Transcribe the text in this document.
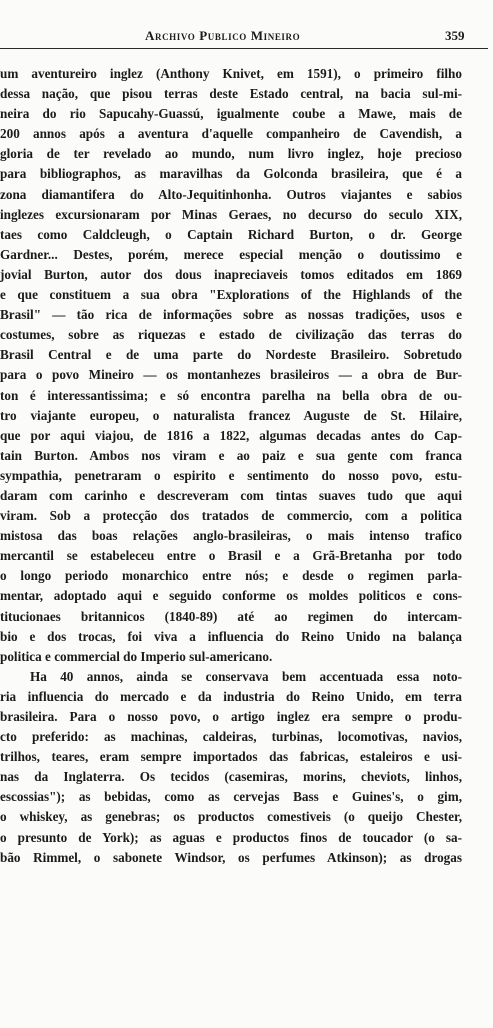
Archivo Publico Mineiro	359
um aventureiro inglez (Anthony Knivet, em 1591), o primeiro filho
dessa nação, que pisou terras deste Estado central, na bacia sul-mi-
neira do rio Sapucahy-Guassú, igualmente coube a Mawe, mais de
200 annos após a aventura d'aquelle companheiro de Cavendish, a
gloria de ter revelado ao mundo, num livro inglez, hoje precioso
para bibliographos, as maravilhas da Golconda brasileira, que é a
zona diamantifera do Alto-Jequitinhonha. Outros viajantes e sabios
inglezes excursionaram por Minas Geraes, no decurso do seculo XIX,
taes como Caldcleugh, o Captain Richard Burton, o dr. George
Gardner... Destes, porém, merece especial menção o doutissimo e
jovial Burton, autor dos dous inapreciaveis tomos editados em 1869
e que constituem a sua obra "Explorations of the Highlands of the
Brasil" — tão rica de informações sobre as nossas tradições, usos e
costumes, sobre as riquezas e estado de civilização das terras do
Brasil Central e de uma parte do Nordeste Brasileiro. Sobretudo
para o povo Mineiro — os montanhezes brasileiros — a obra de Bur-
ton é interessantissima; e só encontra parelha na bella obra de ou-
tro viajante europeu, o naturalista francez Auguste de St. Hilaire,
que por aqui viajou, de 1816 a 1822, algumas decadas antes do Cap-
tain Burton. Ambos nos viram e ao paiz e sua gente com franca
sympathia, penetraram o espirito e sentimento do nosso povo, estu-
daram com carinho e descreveram com tintas suaves tudo que aqui
viram. Sob a protecção dos tratados de commercio, com a politica
mistosa das boas relações anglo-brasileiras, o mais intenso trafico
mercantil se estabeleceu entre o Brasil e a Grã-Bretanha por todo
o longo periodo monarchico entre nós; e desde o regimen parla-
mentar, adoptado aqui e seguido conforme os moldes politicos e cons-
titucionaes britannicos (1840-89) até ao regimen do intercam-
bio e dos trocas, foi viva a influencia do Reino Unido na balança
politica e commercial do Imperio sul-americano.
Ha 40 annos, ainda se conservava bem accentuada essa noto-
ria influencia do mercado e da industria do Reino Unido, em terra
brasileira. Para o nosso povo, o artigo inglez era sempre o produ-
cto preferido: as machinas, caldeiras, turbinas, locomotivas, navios,
trilhos, teares, eram sempre importados das fabricas, estaleiros e usi-
nas da Inglaterra. Os tecidos (casemiras, morins, cheviots, linhos,
escossias"); as bebidas, como as cervejas Bass e Guines's, o gim,
o whiskey, as genebras; os productos comestiveis (o queijo Chester,
o presunto de York); as aguas e productos finos de toucador (o sa-
bão Rimmel, o sabonete Windsor, os perfumes Atkinson); as drogas
